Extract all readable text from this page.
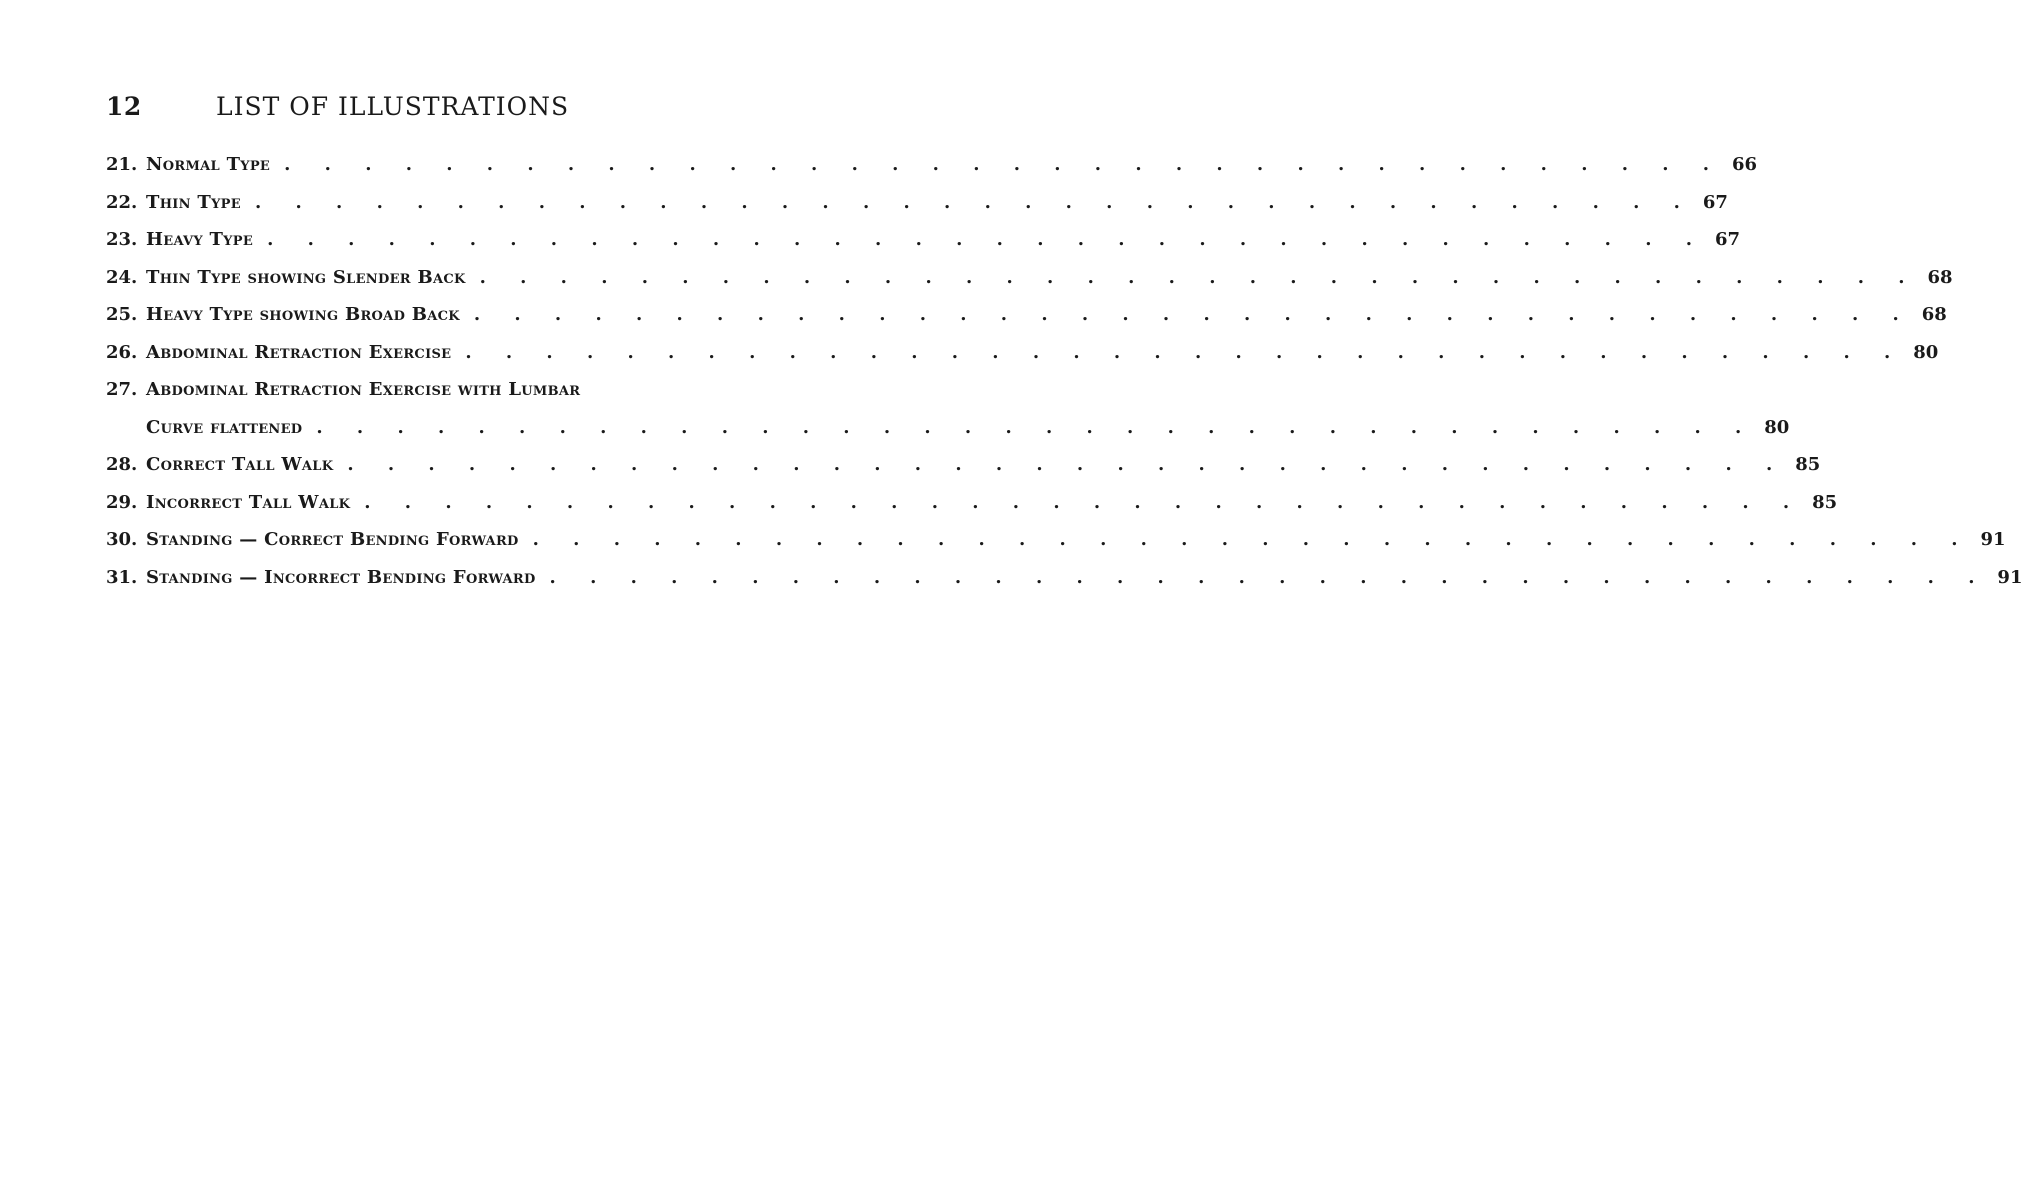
12	LIST OF ILLUSTRATIONS
21. Normal Type . . . . . . . . . . . . . . . . . . . . . . . . . . . . . . . . . . . . 66
22. Thin Type . . . . . . . . . . . . . . . . . . . . . . . . . . . . . . . . . . . . 67
23. Heavy Type . . . . . . . . . . . . . . . . . . . . . . . . . . . . . . . . . . . . 67
24. Thin Type showing Slender Back . . . . . . . . . . . . . . . . . . . . . . . . . . . . . . . . . . . . 68
25. Heavy Type showing Broad Back . . . . . . . . . . . . . . . . . . . . . . . . . . . . . . . . . . . . 68
26. Abdominal Retraction Exercise . . . . . . . . . . . . . . . . . . . . . . . . . . . . . . . . . . . . 80
27. Abdominal Retraction Exercise with Lumbar
Curve flattened . . . . . . . . . . . . . . . . . . . . . . . . . . . . . . . . . . . . 80
28. Correct Tall Walk . . . . . . . . . . . . . . . . . . . . . . . . . . . . . . . . . . . . 85
29. Incorrect Tall Walk . . . . . . . . . . . . . . . . . . . . . . . . . . . . . . . . . . . . 85
30. Standing — Correct Bending Forward . . . . . . . . . . . . . . . . . . . . . . . . . . . . . . . . . . . . 91
31. Standing — Incorrect Bending Forward . . . . . . . . . . . . . . . . . . . . . . . . . . . . . . . . . . . . 91
